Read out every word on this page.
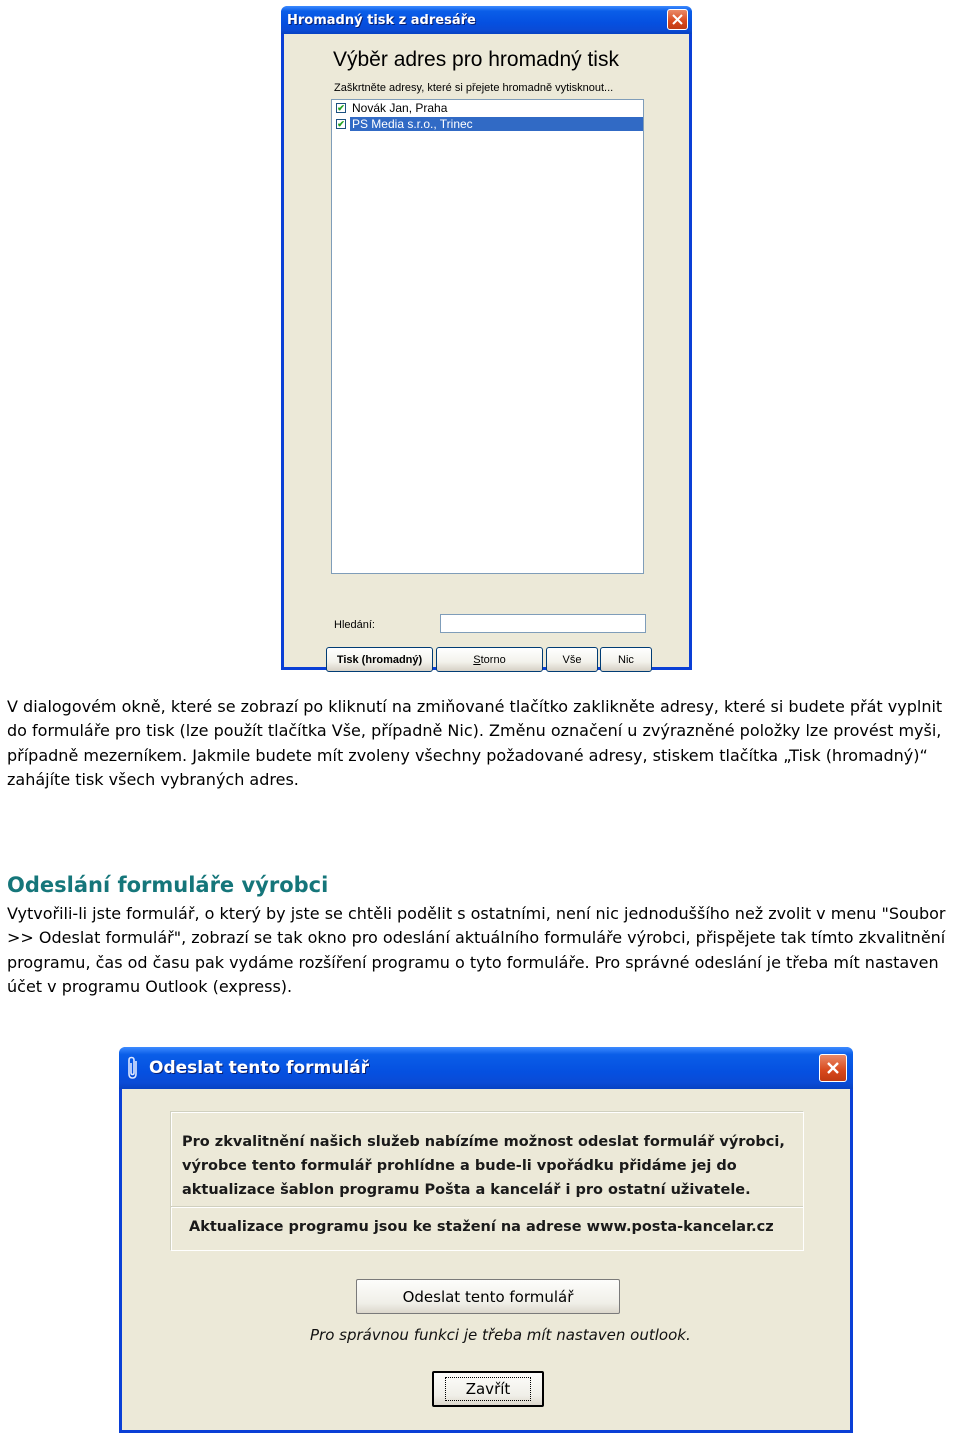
Hromadný tisk z adresáře
Výběr adres pro hromadný tisk
Zaškrtněte adresy, které si přejete hromadně vytisknout...
✔ Novák Jan, Praha
✔ PS Media s.r.o., Trinec
Hledání:
Tisk (hromadný)	S torno	Vše	Nic

V dialogovém okně, které se zobrazí po kliknutí na zmiňované tlačítko zaklikněte adresy, které si budete přát vyplnit do formuláře pro tisk (lze použít tlačítka Vše, případně Nic). Změnu označení u zvýrazněné položky lze provést myši, případně mezerníkem. Jakmile budete mít zvoleny všechny požadované adresy, stiskem tlačítka „Tisk (hromadný)“ zahájíte tisk všech vybraných adres.

Odeslání formuláře výrobci

Vytvořili-li jste formulář, o který by jste se chtěli podělit s ostatními, není nic jednoduššího než zvolit v menu "Soubor >> Odeslat formulář", zobrazí se tak okno pro odeslání aktuálního formuláře výrobci, přispějete tak tímto zkvalitnění programu, čas od času pak vydáme rozšíření programu o tyto formuláře. Pro správné odeslání je třeba mít nastaven účet v programu Outlook (express).

Odeslat tento formulář

Pro zkvalitnění našich služeb nabízíme možnost odeslat formulář výrobci, výrobce tento formulář prohlídne a bude-li vpořádku přidáme jej do aktualizace šablon programu Pošta a kancelář i pro ostatní uživatele.

Aktualizace programu jsou ke stažení na adrese www.posta-kancelar.cz

Odeslat tento formulář

Pro správnou funkci je třeba mít nastaven outlook.

Zavřít
